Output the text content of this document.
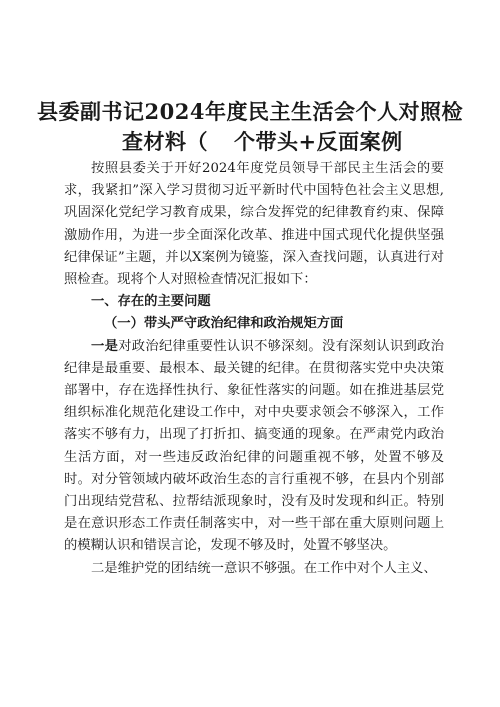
县委副书记2024年度民主生活会个人对照检
查材料（ 个带头+反面案例

按照县委关于开好2024年度党员领导干部民主生活会的要求，我紧扣”深入学习贯彻习近平新时代中国特色社会主义思想,巩固深化党纪学习教育成果，综合发挥党的纪律教育约束、保障激励作用，为进一步全面深化改革、推进中国式现代化提供坚强纪律保证”主题，并以X案例为镜鉴，深入查找问题，认真进行对照检查。现将个人对照检查情况汇报如下：

一、存在的主要问题

（一）带头严守政治纪律和政治规矩方面

一是对政治纪律重要性认识不够深刻。没有深刻认识到政治纪律是最重要、最根本、最关键的纪律。在贯彻落实党中央决策部署中，存在选择性执行、象征性落实的问题。如在推进基层党组织标准化规范化建设工作中，对中央要求领会不够深入，工作落实不够有力，出现了打折扣、搞变通的现象。在严肃党内政治生活方面，对一些违反政治纪律的问题重视不够，处置不够及时。对分管领域内破坏政治生态的言行重视不够，在县内个别部门出现结党营私、拉帮结派现象时，没有及时发现和纠正。特别是在意识形态工作责任制落实中，对一些干部在重大原则问题上的模糊认识和错误言论，发现不够及时，处置不够坚决。

二是维护党的团结统一意识不够强。在工作中对个人主义、
